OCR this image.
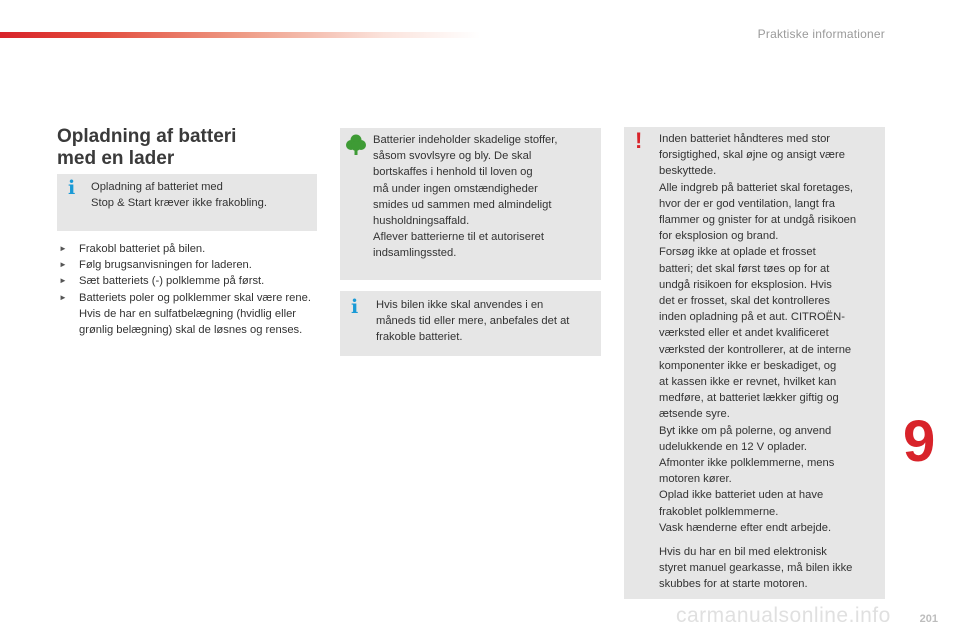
Praktiske informationer
Opladning af batteri
med en lader
i Opladning af batteriet med
Stop & Start kræver ikke frakobling.

► Frakobl batteriet på bilen.
► Følg brugsanvisningen for laderen.
► Sæt batteriets (-) polklemme på først.
► Batteriets poler og polklemmer skal være rene. Hvis de har en sulfatbelægning (hvidlig eller grønlig belægning) skal de løsnes og renses.

Batterier indeholder skadelige stoffer,
såsom svovlsyre og bly. De skal
bortskaffes i henhold til loven og
må under ingen omstændigheder
smides ud sammen med almindeligt
husholdningsaffald.
Aflever batterierne til et autoriseret
indsamlingssted.

i Hvis bilen ikke skal anvendes i en
måneds tid eller mere, anbefales det at
frakoble batteriet.

! Inden batteriet håndteres med stor
forsigtighed, skal øjne og ansigt være
beskyttede.
Alle indgreb på batteriet skal foretages,
hvor der er god ventilation, langt fra
flammer og gnister for at undgå risikoen
for eksplosion og brand.
Forsøg ikke at oplade et frosset
batteri; det skal først tøes op for at
undgå risikoen for eksplosion. Hvis
det er frosset, skal det kontrolleres
inden opladning på et aut. CITROËN-
værksted eller et andet kvalificeret
værksted der kontrollerer, at de interne
komponenter ikke er beskadiget, og
at kassen ikke er revnet, hvilket kan
medføre, at batteriet lækker giftig og
ætsende syre.
Byt ikke om på polerne, og anvend
udelukkende en 12 V oplader.
Afmonter ikke polklemmerne, mens
motoren kører.
Oplad ikke batteriet uden at have
frakoblet polklemmerne.
Vask hænderne efter endt arbejde.

Hvis du har en bil med elektronisk
styret manuel gearkasse, må bilen ikke
skubbes for at starte motoren.

9
carmanualsonline.info	201
